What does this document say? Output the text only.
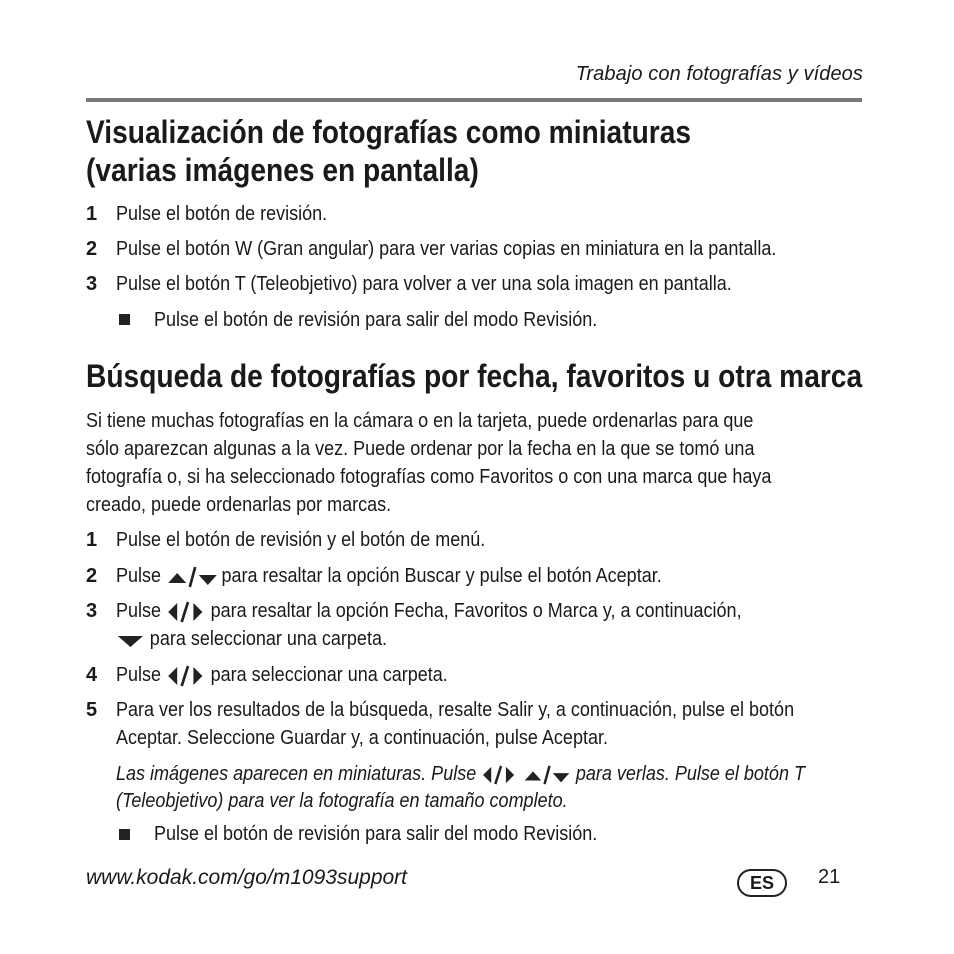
Trabajo con fotografías y vídeos
Visualización de fotografías como miniaturas
(varias imágenes en pantalla)
1 Pulse el botón de revisión.
2 Pulse el botón W (Gran angular) para ver varias copias en miniatura en la pantalla.
3 Pulse el botón T (Teleobjetivo) para volver a ver una sola imagen en pantalla.
Pulse el botón de revisión para salir del modo Revisión.
Búsqueda de fotografías por fecha, favoritos u otra marca
Si tiene muchas fotografías en la cámara o en la tarjeta, puede ordenarlas para que
sólo aparezcan algunas a la vez. Puede ordenar por la fecha en la que se tomó una
fotografía o, si ha seleccionado fotografías como Favoritos o con una marca que haya
creado, puede ordenarlas por marcas.
1 Pulse el botón de revisión y el botón de menú.
2 Pulse	para resaltar la opción Buscar y pulse el botón Aceptar.
3 Pulse para resaltar la opción Fecha, Favoritos o Marca y, a continuación,
para seleccionar una carpeta.
4 Pulse para seleccionar una carpeta.
5 Para ver los resultados de la búsqueda, resalte Salir y, a continuación, pulse el botón
Aceptar. Seleccione Guardar y, a continuación, pulse Aceptar.
Las imágenes aparecen en miniaturas. Pulse	para verlas. Pulse el botón T
(Teleobjetivo) para ver la fotografía en tamaño completo.
Pulse el botón de revisión para salir del modo Revisión.
www.kodak.com/go/m1093support	ES	21
